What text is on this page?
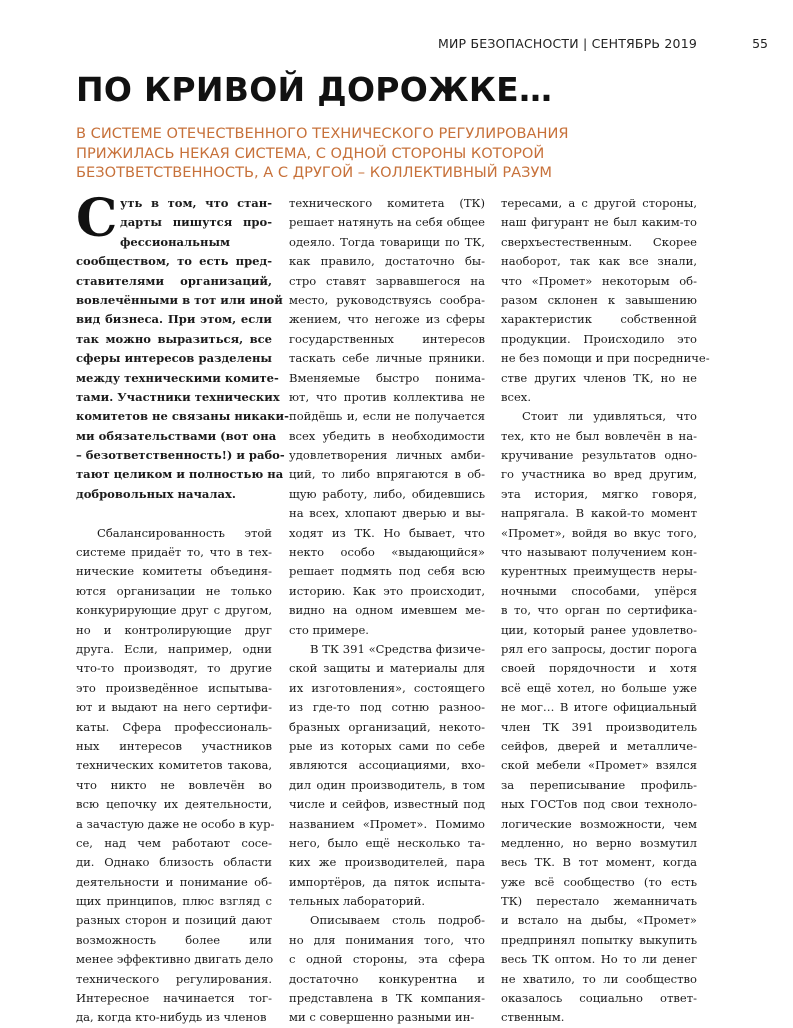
МИР БЕЗОПАСНОСТИ | СЕНТЯБРЬ 2019	55
ПО КРИВОЙ ДОРОЖКЕ…
В СИСТЕМЕ ОТЕЧЕСТВЕННОГО ТЕХНИЧЕСКОГО РЕГУЛИРОВАНИЯ
ПРИЖИЛАСЬ НЕКАЯ СИСТЕМА, С ОДНОЙ СТОРОНЫ КОТОРОЙ
БЕЗОТВЕТСТВЕННОСТЬ, А С ДРУГОЙ – КОЛЛЕКТИВНЫЙ РАЗУМ
С уть в том, что стан-
дарты пишутся про-
фессиональным
сообществом, то есть пред-
ставителями организаций,
вовлечёнными в тот или иной
вид бизнеса. При этом, если
так можно выразиться, все
сферы интересов разделены
между техническими комите-
тами. Участники технических
комитетов не связаны никаки-
ми обязательствами (вот она
– безответственность!) и рабо-
тают целиком и полностью на
добровольных началах.
Сбалансированность этой
системе придаёт то, что в тех-
нические комитеты объединя-
ются организации не только
конкурирующие друг с другом,
но и контролирующие друг
друга. Если, например, одни
что-то производят, то другие
это произведённое испытыва-
ют и выдают на него сертифи-
каты. Сфера профессиональ-
ных интересов участников
технических комитетов такова,
что никто не вовлечён во
всю цепочку их деятельности,
а зачастую даже не особо в кур-
се, над чем работают сосе-
ди. Однако близость области
деятельности и понимание об-
щих принципов, плюс взгляд с
разных сторон и позиций дают
возможность более или
менее эффективно двигать дело
технического регулирования.
Интересное начинается тог-
да, когда кто-нибудь из членов
технического комитета (ТК)
решает натянуть на себя общее
одеяло. Тогда товарищи по ТК,
как правило, достаточно бы-
стро ставят зарвавшегося на
место, руководствуясь сообра-
жением, что негоже из сферы
государственных интересов
таскать себе личные пряники.
Вменяемые быстро понима-
ют, что против коллектива не
пойдёшь и, если не получается
всех убедить в необходимости
удовлетворения личных амби-
ций, то либо впрягаются в об-
щую работу, либо, обидевшись
на всех, хлопают дверью и вы-
ходят из ТК. Но бывает, что
некто особо «выдающийся»
решает подмять под себя всю
историю. Как это происходит,
видно на одном имевшем ме-
сто примере.
В ТК 391 «Средства физиче-
ской защиты и материалы для
их изготовления», состоящего
из где-то под сотню разноо-
бразных организаций, некото-
рые из которых сами по себе
являются ассоциациями, вхо-
дил один производитель, в том
числе и сейфов, известный под
названием «Промет». Помимо
него, было ещё несколько та-
ких же производителей, пара
импортёров, да пяток испыта-
тельных лабораторий.
Описываем столь подроб-
но для понимания того, что
с одной стороны, эта сфера
достаточно конкурентна и
представлена в ТК компания-
ми с совершенно разными ин-
тересами, а с другой стороны,
наш фигурант не был каким-то
сверхъестественным. Скорее
наоборот, так как все знали,
что «Промет» некоторым об-
разом склонен к завышению
характеристик собственной
продукции. Происходило это
не без помощи и при посредниче-
стве других членов ТК, но не
всех.
Стоит ли удивляться, что
тех, кто не был вовлечён в на-
кручивание результатов одно-
го участника во вред другим,
эта история, мягко говоря,
напрягала. В какой-то момент
«Промет», войдя во вкус того,
что называют получением кон-
курентных преимуществ неры-
ночными способами, упёрся
в то, что орган по сертифика-
ции, который ранее удовлетво-
рял его запросы, достиг порога
своей порядочности и хотя
всё ещё хотел, но больше уже
не мог… В итоге официальный
член ТК 391 производитель
сейфов, дверей и металличе-
ской мебели «Промет» взялся
за переписывание профиль-
ных ГОСТов под свои техноло-
логические возможности, чем
медленно, но верно возмутил
весь ТК. В тот момент, когда
уже всё сообщество (то есть
ТК) перестало жеманничать
и встало на дыбы, «Промет»
предпринял попытку выкупить
весь ТК оптом. Но то ли денег
не хватило, то ли сообщество
оказалось социально ответ-
ственным.
